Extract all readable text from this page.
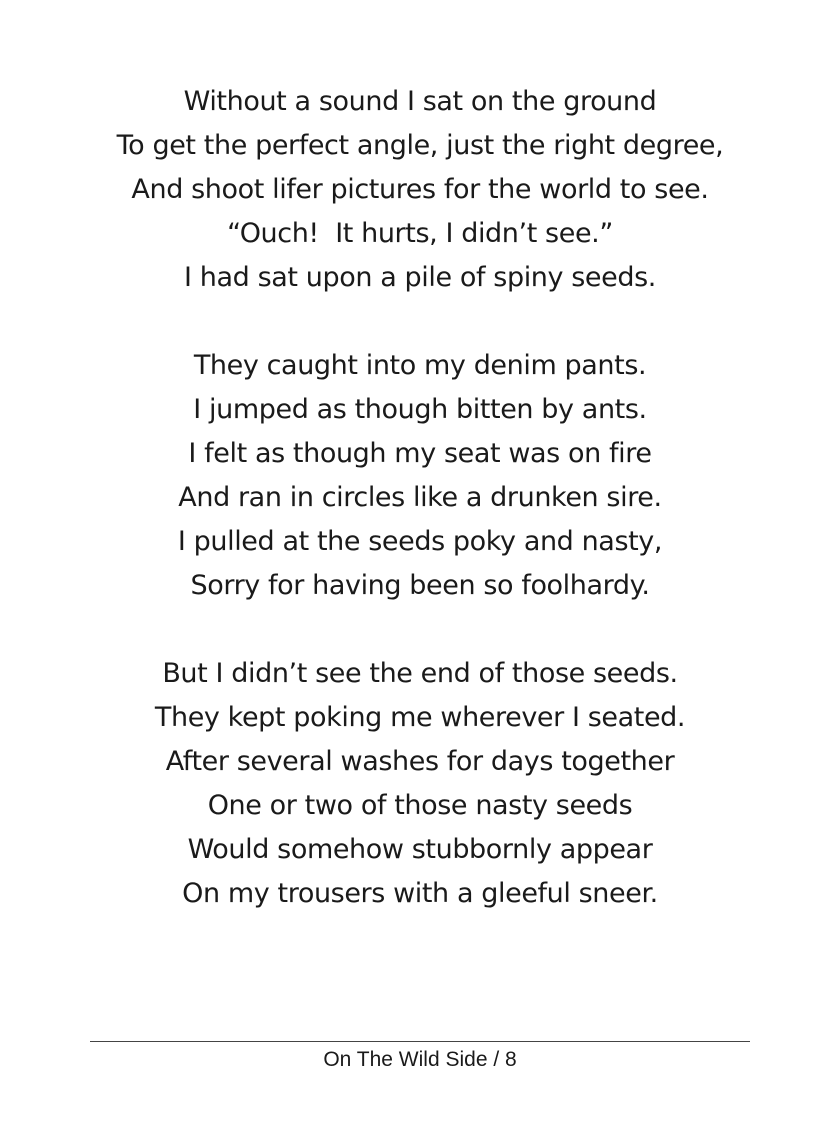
Without a sound I sat on the ground
To get the perfect angle, just the right degree,
And shoot lifer pictures for the world to see.
“Ouch!  It hurts, I didn’t see.”
I had sat upon a pile of spiny seeds.
They caught into my denim pants.
I jumped as though bitten by ants.
I felt as though my seat was on fire
And ran in circles like a drunken sire.
I pulled at the seeds poky and nasty,
Sorry for having been so foolhardy.
But I didn’t see the end of those seeds.
They kept poking me wherever I seated.
After several washes for days together
One or two of those nasty seeds
Would somehow stubbornly appear
On my trousers with a gleeful sneer.
On The Wild Side / 8
